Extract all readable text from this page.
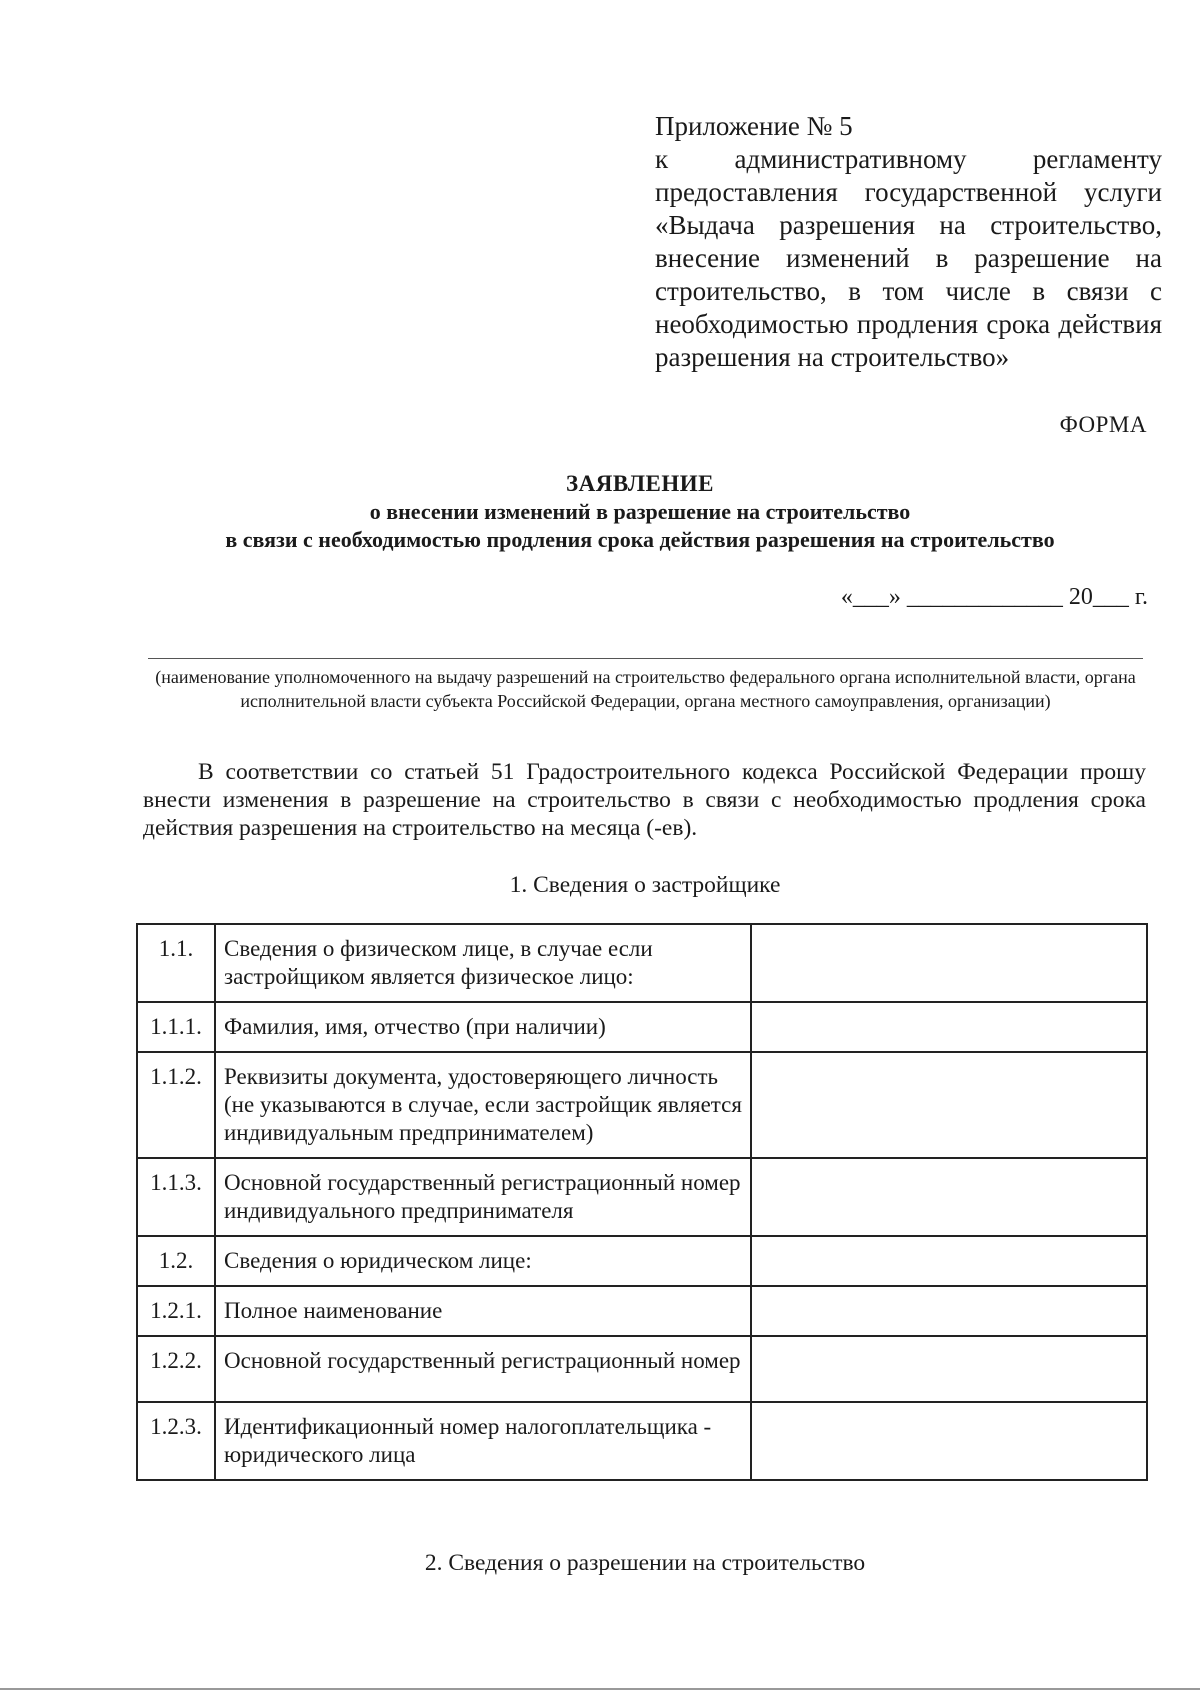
Приложение № 5
к административному регламенту предоставления государственной услуги «Выдача разрешения на строительство, внесение изменений в разрешение на строительство, в том числе в связи с необходимостью продления срока действия разрешения на строительство»
ФОРМА
ЗАЯВЛЕНИЕ
о внесении изменений в разрешение на строительство
в связи с необходимостью продления срока действия разрешения на строительство
«___» _____________ 20___ г.
(наименование уполномоченного на выдачу разрешений на строительство федерального органа исполнительной власти, органа исполнительной власти субъекта Российской Федерации, органа местного самоуправления, организации)
В соответствии со статьей 51 Градостроительного кодекса Российской Федерации прошу внести изменения в разрешение на строительство в связи с необходимостью продления срока действия разрешения на строительство на месяца (-ев).
1. Сведения о застройщике
1.1.	Сведения о физическом лице, в случае если застройщиком является физическое лицо:	
1.1.1.	Фамилия, имя, отчество (при наличии)	
1.1.2.	Реквизиты документа, удостоверяющего личность (не указываются в случае, если застройщик является индивидуальным предпринимателем)	
1.1.3.	Основной государственный регистрационный номер индивидуального предпринимателя	
1.2.	Сведения о юридическом лице:	
1.2.1.	Полное наименование	
1.2.2.	Основной государственный регистрационный номер	
1.2.3.	Идентификационный номер налогоплательщика - юридического лица	
2. Сведения о разрешении на строительство
